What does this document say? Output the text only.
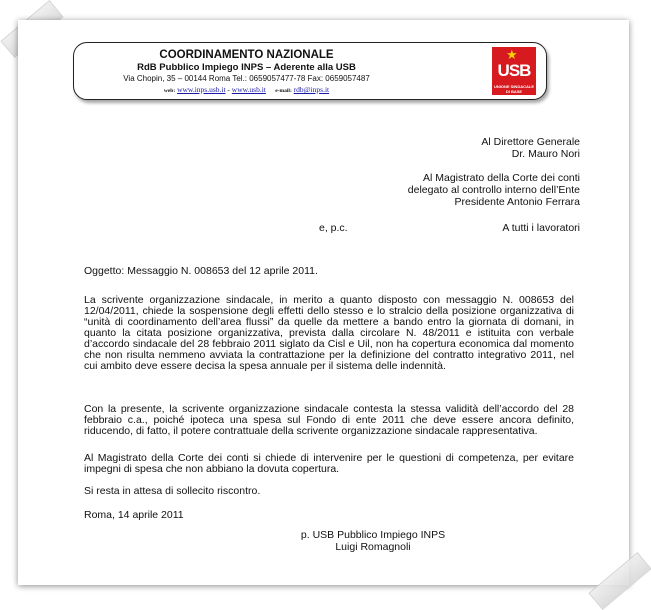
COORDINAMENTO NAZIONALE
RdB Pubblico Impiego INPS – Aderente alla USB
Via Chopin, 35 – 00144 Roma Tel.: 0659057477-78 Fax: 0659057487
web: www.inps.usb.it - www.usb.it e-mail: rdb@inps.it
★
USB
UNIONE SINDACALE DI BASE
Al Direttore Generale
Dr. Mauro Nori
Al Magistrato della Corte dei conti
delegato al controllo interno dell’Ente
Presidente Antonio Ferrara
e, p.c.	A tutti i lavoratori
Oggetto: Messaggio N. 008653 del 12 aprile 2011.
La scrivente organizzazione sindacale, in merito a quanto disposto con messaggio N. 008653 del 12/04/2011, chiede la sospensione degli effetti dello stesso e lo stralcio della posizione organizzativa di “unità di coordinamento dell’area flussi” da quelle da mettere a bando entro la giornata di domani, in quanto la citata posizione organizzativa, prevista dalla circolare N. 48/2011 e istituita con verbale d’accordo sindacale del 28 febbraio 2011 siglato da Cisl e Uil, non ha copertura economica dal momento che non risulta nemmeno avviata la contrattazione per la definizione del contratto integrativo 2011, nel cui ambito deve essere decisa la spesa annuale per il sistema delle indennità.
Con la presente, la scrivente organizzazione sindacale contesta la stessa validità dell’accordo del 28 febbraio c.a., poiché ipoteca una spesa sul Fondo di ente 2011 che deve essere ancora definito, riducendo, di fatto, il potere contrattuale della scrivente organizzazione sindacale rappresentativa.
Al Magistrato della Corte dei conti si chiede di intervenire per le questioni di competenza, per evitare impegni di spesa che non abbiano la dovuta copertura.
Si resta in attesa di sollecito riscontro.
Roma, 14 aprile 2011
p. USB Pubblico Impiego INPS
Luigi Romagnoli
